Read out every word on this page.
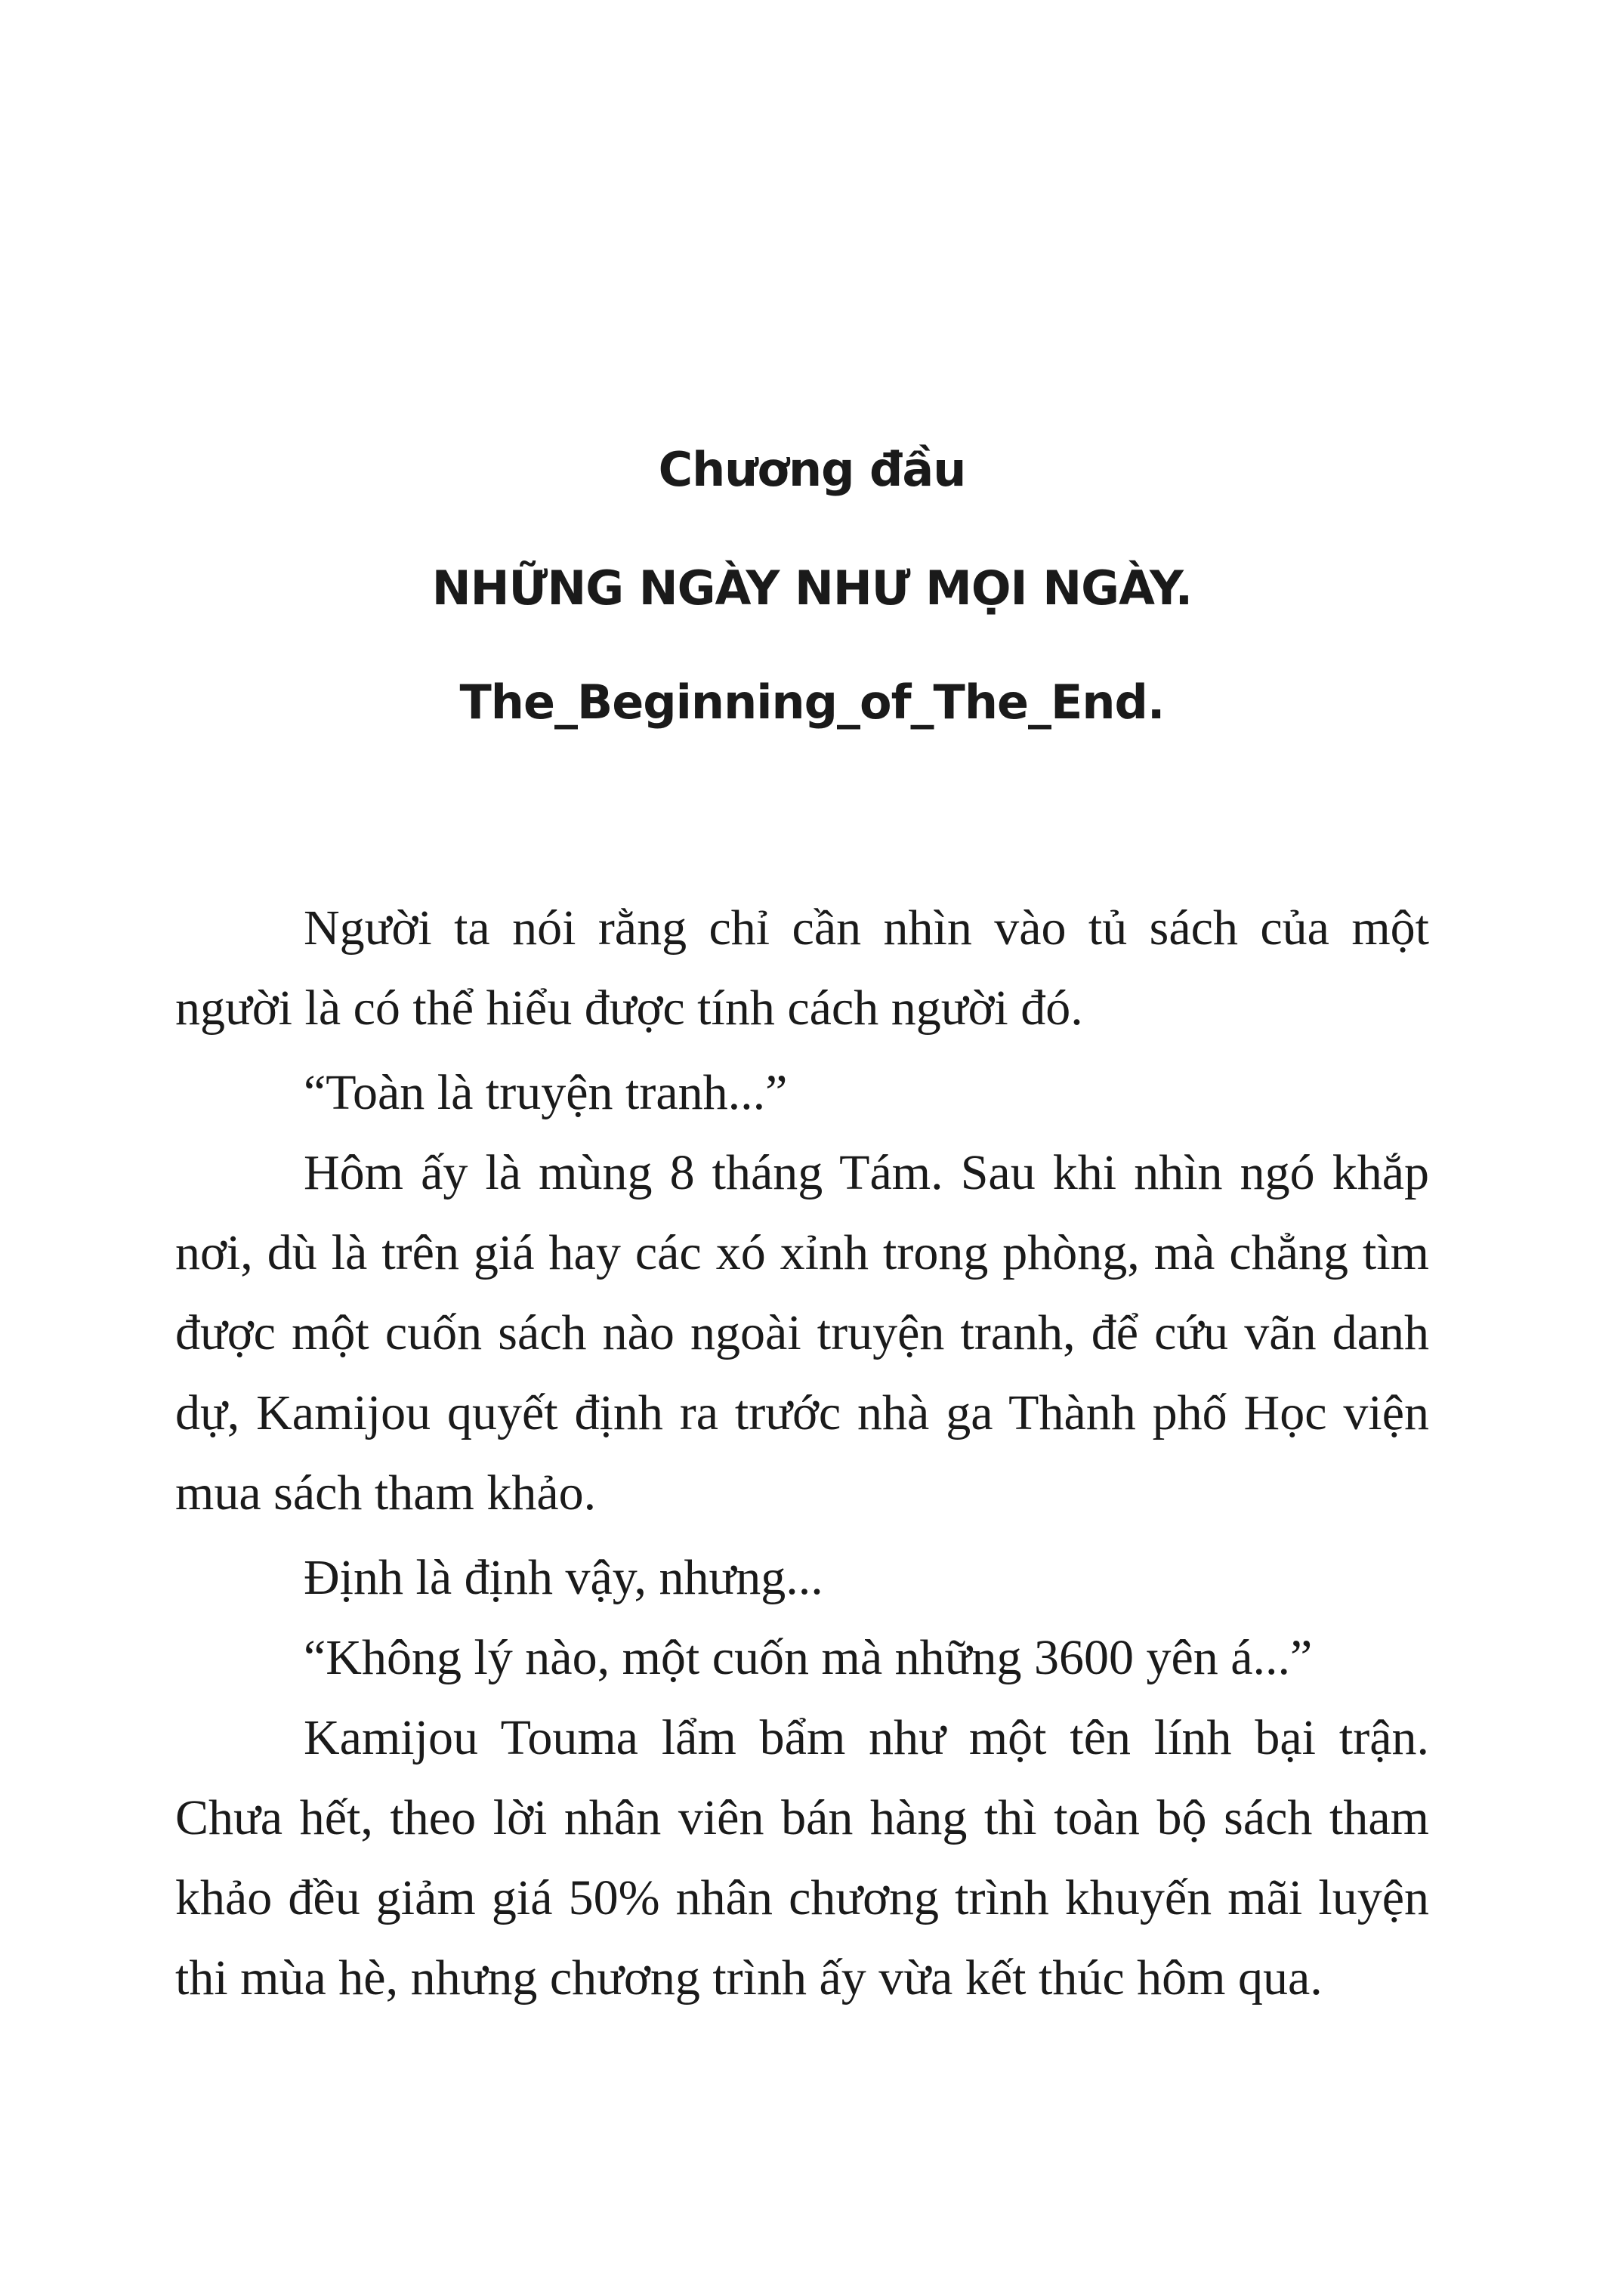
Chương đầu
NHỮNG NGÀY NHƯ MỌI NGÀY.
The_Beginning_of_The_End.

Người ta nói rằng chỉ cần nhìn vào tủ sách của một người là có thể hiểu được tính cách người đó.

“Toàn là truyện tranh...”

Hôm ấy là mùng 8 tháng Tám. Sau khi nhìn ngó khắp nơi, dù là trên giá hay các xó xỉnh trong phòng, mà chẳng tìm được một cuốn sách nào ngoài truyện tranh, để cứu vãn danh dự, Kamijou quyết định ra trước nhà ga Thành phố Học viện mua sách tham khảo.

Định là định vậy, nhưng...

“Không lý nào, một cuốn mà những 3600 yên á...”

Kamijou Touma lẩm bẩm như một tên lính bại trận. Chưa hết, theo lời nhân viên bán hàng thì toàn bộ sách tham khảo đều giảm giá 50% nhân chương trình khuyến mãi luyện thi mùa hè, nhưng chương trình ấy vừa kết thúc hôm qua.
